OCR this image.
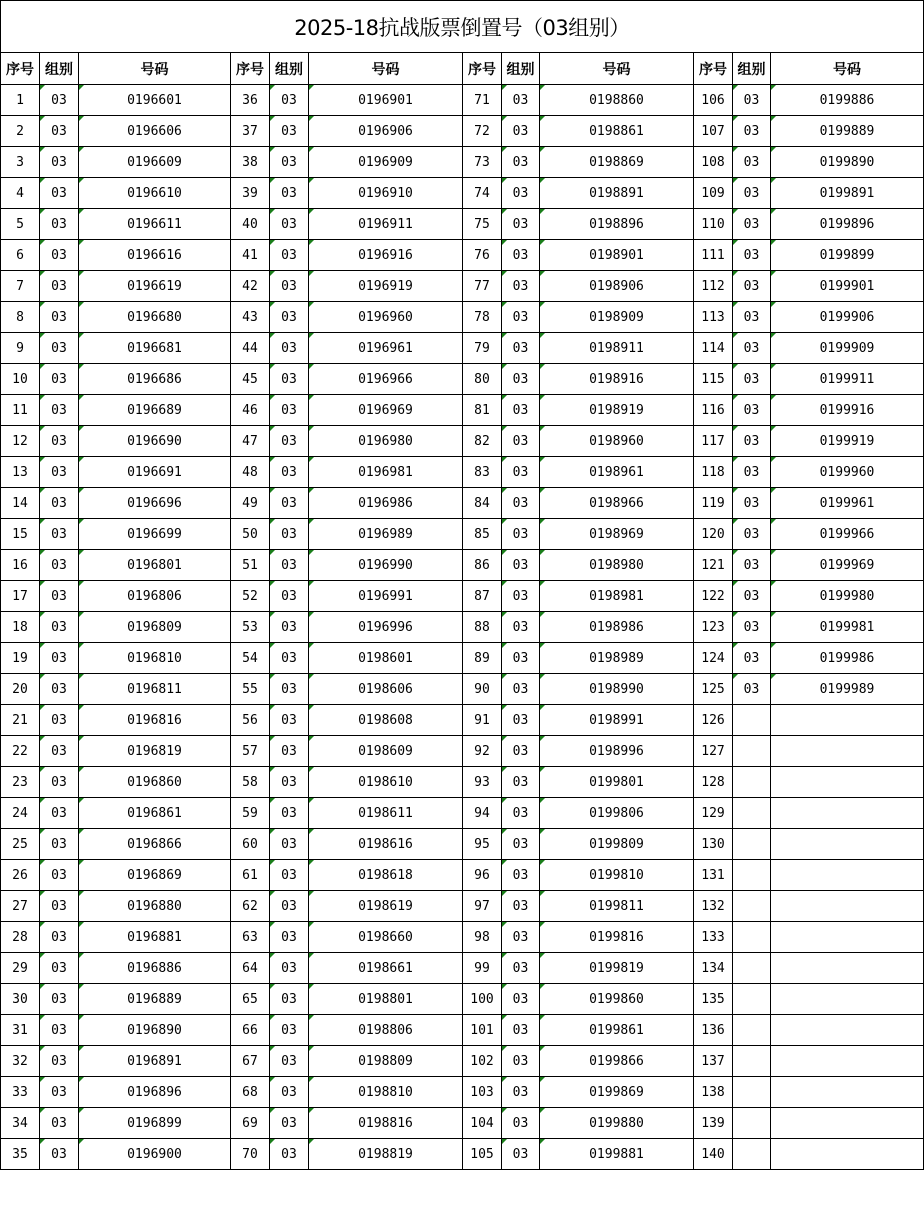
2025-18抗战版票倒置号（03组别）
序号	组别	号码	序号	组别	号码	序号	组别	号码	序号	组别	号码
1	03	0196601	36	03	0196901	71	03	0198860	106	03	0199886
2	03	0196606	37	03	0196906	72	03	0198861	107	03	0199889
3	03	0196609	38	03	0196909	73	03	0198869	108	03	0199890
4	03	0196610	39	03	0196910	74	03	0198891	109	03	0199891
5	03	0196611	40	03	0196911	75	03	0198896	110	03	0199896
6	03	0196616	41	03	0196916	76	03	0198901	111	03	0199899
7	03	0196619	42	03	0196919	77	03	0198906	112	03	0199901
8	03	0196680	43	03	0196960	78	03	0198909	113	03	0199906
9	03	0196681	44	03	0196961	79	03	0198911	114	03	0199909
10	03	0196686	45	03	0196966	80	03	0198916	115	03	0199911
11	03	0196689	46	03	0196969	81	03	0198919	116	03	0199916
12	03	0196690	47	03	0196980	82	03	0198960	117	03	0199919
13	03	0196691	48	03	0196981	83	03	0198961	118	03	0199960
14	03	0196696	49	03	0196986	84	03	0198966	119	03	0199961
15	03	0196699	50	03	0196989	85	03	0198969	120	03	0199966
16	03	0196801	51	03	0196990	86	03	0198980	121	03	0199969
17	03	0196806	52	03	0196991	87	03	0198981	122	03	0199980
18	03	0196809	53	03	0196996	88	03	0198986	123	03	0199981
19	03	0196810	54	03	0198601	89	03	0198989	124	03	0199986
20	03	0196811	55	03	0198606	90	03	0198990	125	03	0199989
21	03	0196816	56	03	0198608	91	03	0198991	126		
22	03	0196819	57	03	0198609	92	03	0198996	127		
23	03	0196860	58	03	0198610	93	03	0199801	128		
24	03	0196861	59	03	0198611	94	03	0199806	129		
25	03	0196866	60	03	0198616	95	03	0199809	130		
26	03	0196869	61	03	0198618	96	03	0199810	131		
27	03	0196880	62	03	0198619	97	03	0199811	132		
28	03	0196881	63	03	0198660	98	03	0199816	133		
29	03	0196886	64	03	0198661	99	03	0199819	134		
30	03	0196889	65	03	0198801	100	03	0199860	135		
31	03	0196890	66	03	0198806	101	03	0199861	136		
32	03	0196891	67	03	0198809	102	03	0199866	137		
33	03	0196896	68	03	0198810	103	03	0199869	138		
34	03	0196899	69	03	0198816	104	03	0199880	139		
35	03	0196900	70	03	0198819	105	03	0199881	140		
